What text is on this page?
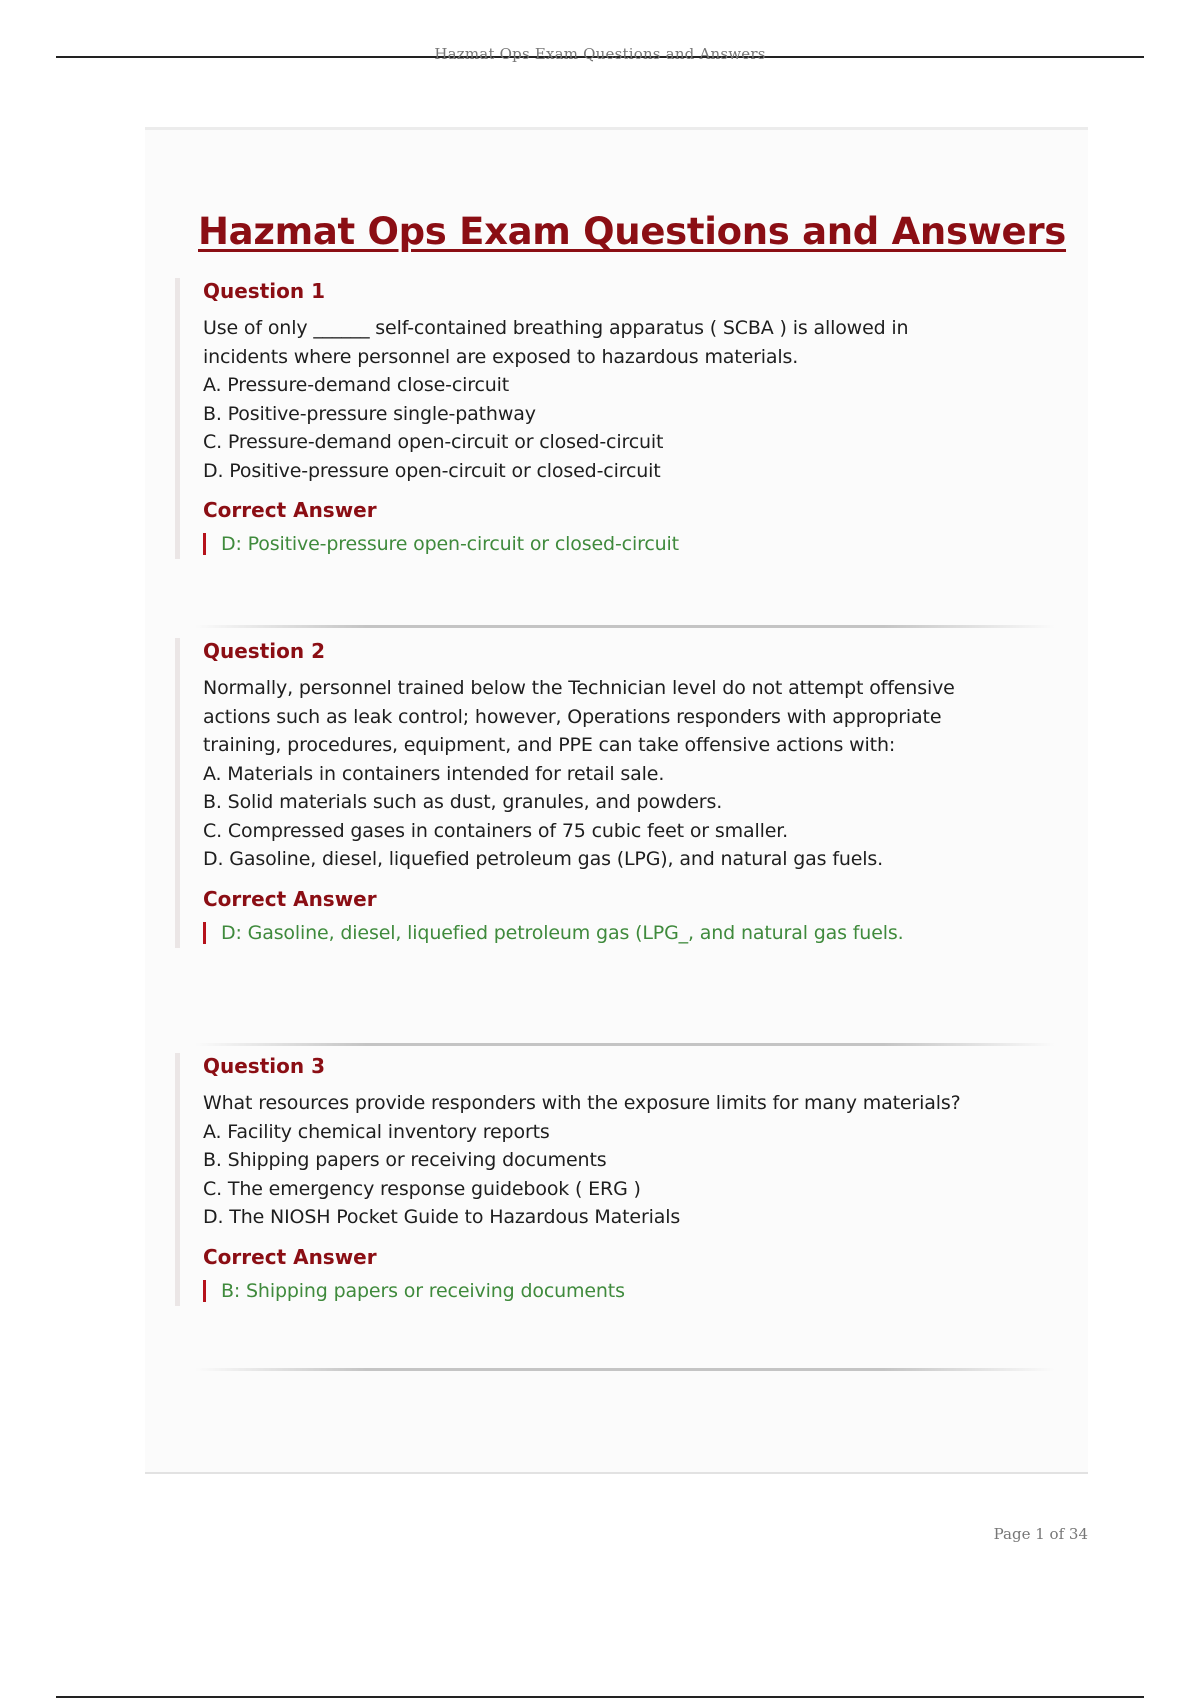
Hazmat Ops Exam Questions and Answers
Hazmat Ops Exam Questions and Answers
Question 1

Use of only ______ self-contained breathing apparatus ( SCBA ) is allowed in incidents where personnel are exposed to hazardous materials.

A. Pressure-demand close-circuit
B. Positive-pressure single-pathway
C. Pressure-demand open-circuit or closed-circuit
D. Positive-pressure open-circuit or closed-circuit
Correct Answer
D: Positive-pressure open-circuit or closed-circuit
Question 2

Normally, personnel trained below the Technician level do not attempt offensive actions such as leak control; however, Operations responders with appropriate training, procedures, equipment, and PPE can take offensive actions with:

A. Materials in containers intended for retail sale.
B. Solid materials such as dust, granules, and powders.
C. Compressed gases in containers of 75 cubic feet or smaller.
D. Gasoline, diesel, liquefied petroleum gas (LPG), and natural gas fuels.
Correct Answer
D: Gasoline, diesel, liquefied petroleum gas (LPG_, and natural gas fuels.
Question 3

What resources provide responders with the exposure limits for many materials?

A. Facility chemical inventory reports
B. Shipping papers or receiving documents
C. The emergency response guidebook ( ERG )
D. The NIOSH Pocket Guide to Hazardous Materials
Correct Answer
B: Shipping papers or receiving documents
Page 1 of 34
